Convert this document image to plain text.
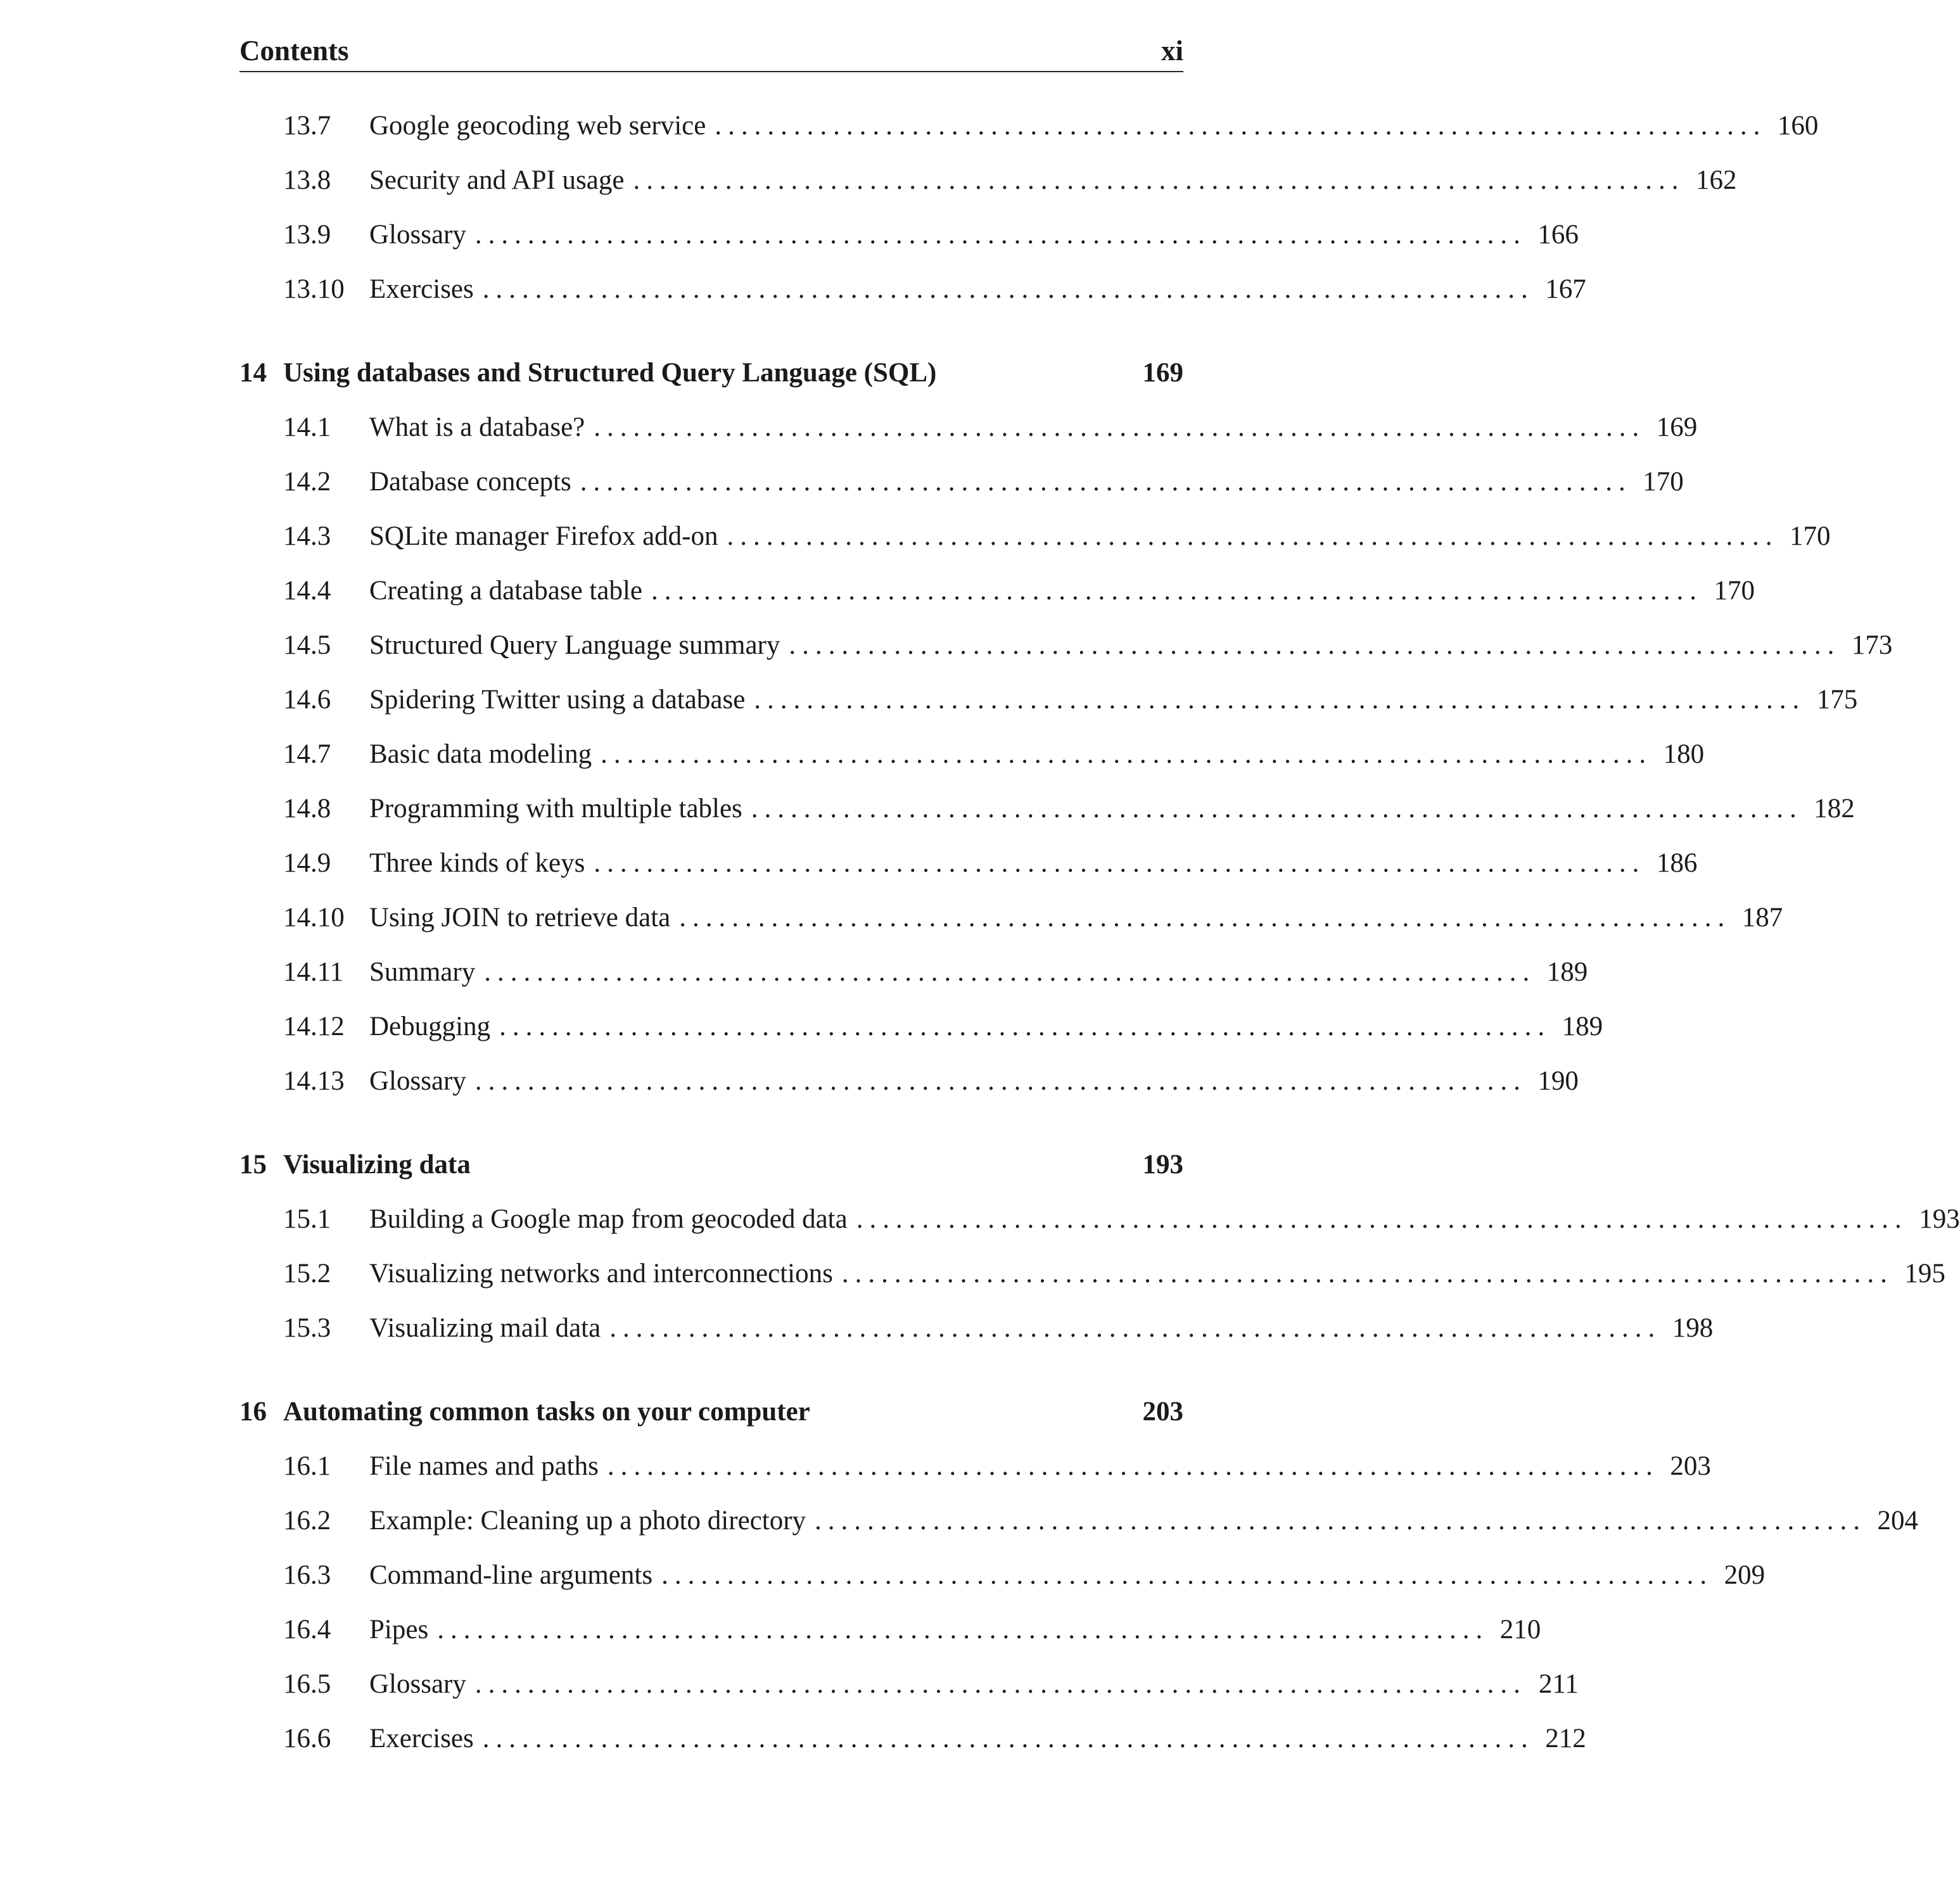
Contents	xi
13.7	Google geocoding web service ................................................................................ 160
13.8	Security and API usage ................................................................................ 162
13.9	Glossary ................................................................................ 166
13.10 Exercises ................................................................................ 167
14 Using databases and Structured Query Language (SQL)	169
14.1	What is a database? ................................................................................ 169
14.2	Database concepts ................................................................................ 170
14.3	SQLite manager Firefox add-on ................................................................................ 170
14.4	Creating a database table ................................................................................ 170
14.5	Structured Query Language summary ................................................................................ 173
14.6	Spidering Twitter using a database ................................................................................ 175
14.7	Basic data modeling ................................................................................ 180
14.8	Programming with multiple tables ................................................................................ 182
14.9	Three kinds of keys ................................................................................ 186
14.10 Using JOIN to retrieve data ................................................................................ 187
14.11 Summary ................................................................................ 189
14.12 Debugging ................................................................................ 189
14.13 Glossary ................................................................................ 190
15 Visualizing data	193
15.1	Building a Google map from geocoded data ................................................................................ 193
15.2	Visualizing networks and interconnections ................................................................................ 195
15.3	Visualizing mail data ................................................................................ 198
16 Automating common tasks on your computer	203
16.1	File names and paths ................................................................................ 203
16.2	Example: Cleaning up a photo directory ................................................................................ 204
16.3	Command-line arguments ................................................................................ 209
16.4	Pipes ................................................................................ 210
16.5	Glossary ................................................................................ 211
16.6	Exercises ................................................................................ 212
